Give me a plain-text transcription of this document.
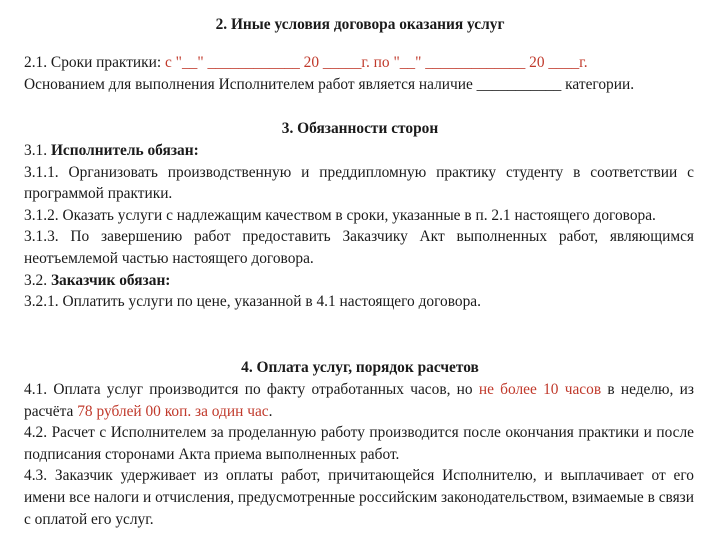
2. Иные условия договора оказания услуг

2.1. Сроки практики: с "__" ____________ 20 _____г. по "__" _____________ 20 ____г.

Основанием для выполнения Исполнителем работ является наличие ___________ категории.

3. Обязанности сторон

3.1. Исполнитель обязан:

3.1.1. Организовать производственную и преддипломную практику студенту в соответствии с программой практики.

3.1.2. Оказать услуги с надлежащим качеством в сроки, указанные в п. 2.1 настоящего договора.

3.1.3. По завершению работ предоставить Заказчику Акт выполненных работ, являющимся неотъемлемой частью настоящего договора.

3.2. Заказчик обязан:

3.2.1. Оплатить услуги по цене, указанной в 4.1 настоящего договора.

4. Оплата услуг, порядок расчетов

4.1. Оплата услуг производится по факту отработанных часов, но не более 10 часов в неделю, из расчёта 78 рублей 00 коп. за один час.

4.2. Расчет с Исполнителем за проделанную работу производится после окончания практики и после подписания сторонами Акта приема выполненных работ.

4.3. Заказчик удерживает из оплаты работ, причитающейся Исполнителю, и выплачивает от его имени все налоги и отчисления, предусмотренные российским законодательством, взимаемые в связи с оплатой его услуг.
